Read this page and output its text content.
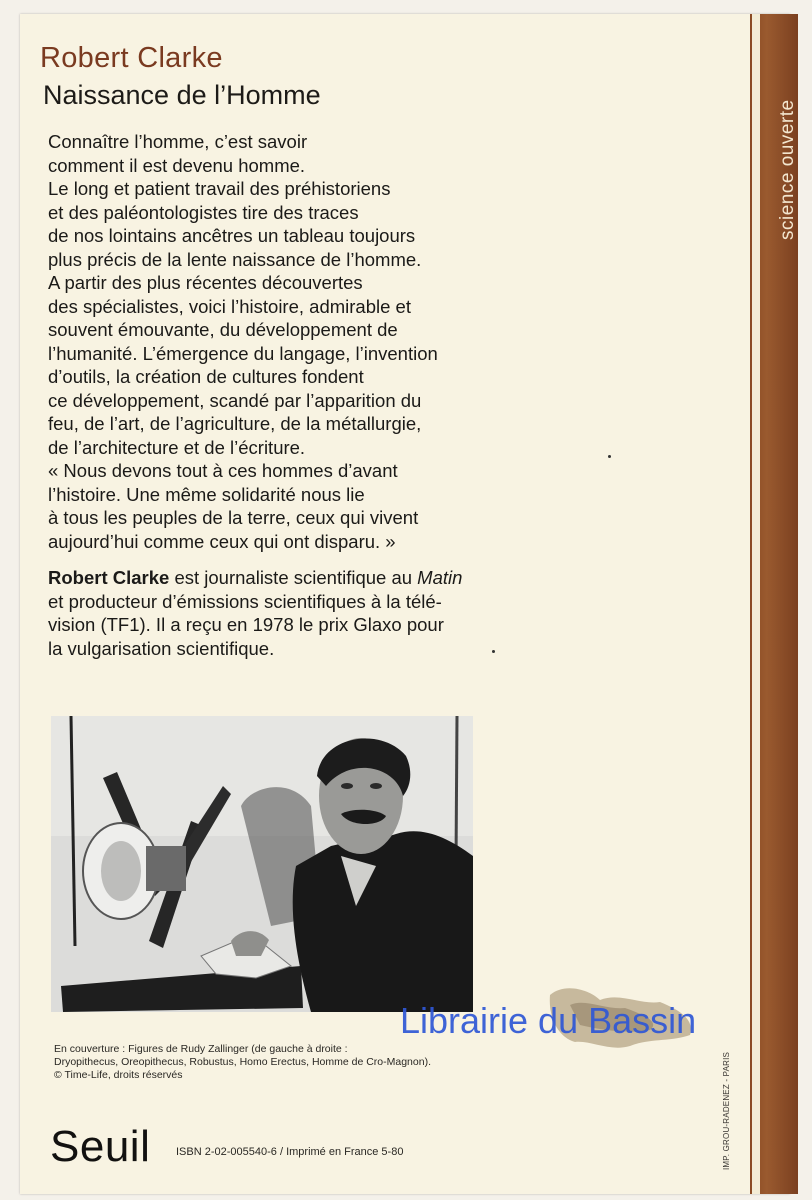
science ouverte
Robert Clarke
Naissance de l’Homme
Connaître l’homme, c’est savoir
comment il est devenu homme.
Le long et patient travail des préhistoriens
et des paléontologistes tire des traces
de nos lointains ancêtres un tableau toujours
plus précis de la lente naissance de l’homme.
A partir des plus récentes découvertes
des spécialistes, voici l’histoire, admirable et
souvent émouvante, du développement de
l’humanité. L’émergence du langage, l’invention
d’outils, la création de cultures fondent
ce développement, scandé par l’apparition du
feu, de l’art, de l’agriculture, de la métallurgie,
de l’architecture et de l’écriture.
« Nous devons tout à ces hommes d’avant
l’histoire. Une même solidarité nous lie
à tous les peuples de la terre, ceux qui vivent
aujourd’hui comme ceux qui ont disparu. »
Robert Clarke est journaliste scientifique au Matin
et producteur d’émissions scientifiques à la télé-
vision (TF1). Il a reçu en 1978 le prix Glaxo pour
la vulgarisation scientifique.
En couverture : Figures de Rudy Zallinger (de gauche à droite :
Dryopithecus, Oreopithecus, Robustus, Homo Erectus, Homme de Cro-Magnon).
© Time-Life, droits réservés
Seuil ISBN 2-02-005540-6 / Imprimé en France 5-80	IMP. GROU-RADENEZ - PARIS
Librairie du Bassin
